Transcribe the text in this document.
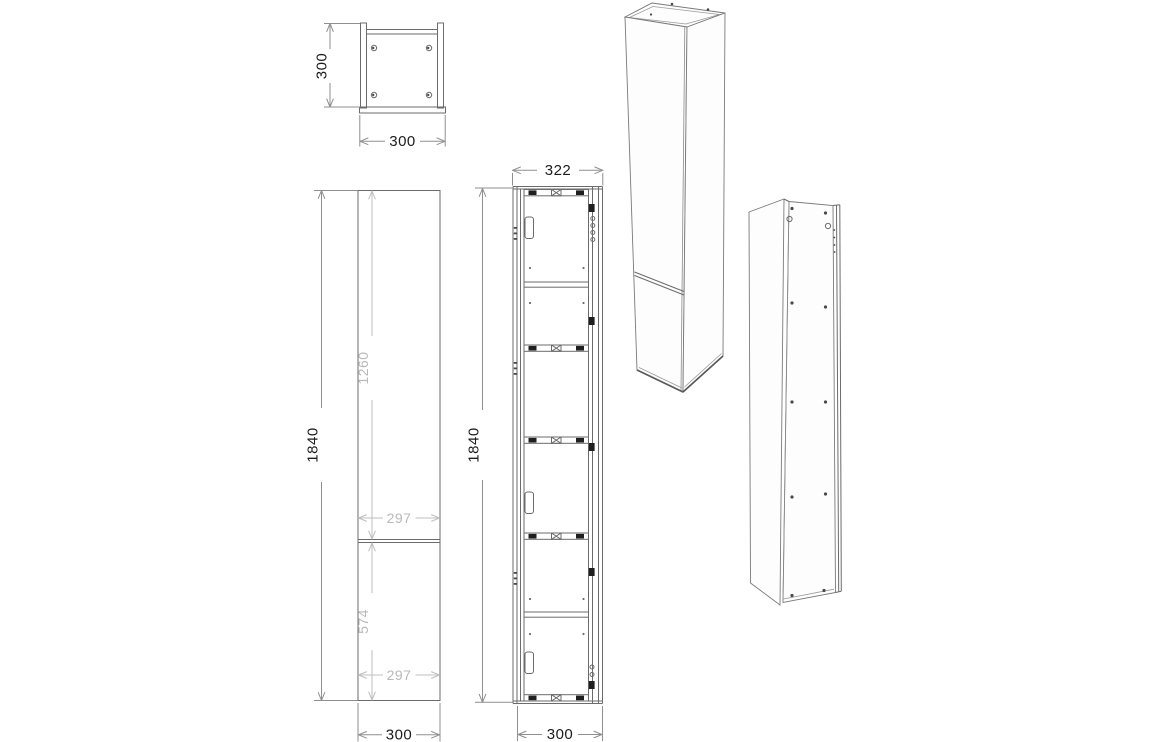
300
300
1840
1260
297
574
297
300
322
1840
300
